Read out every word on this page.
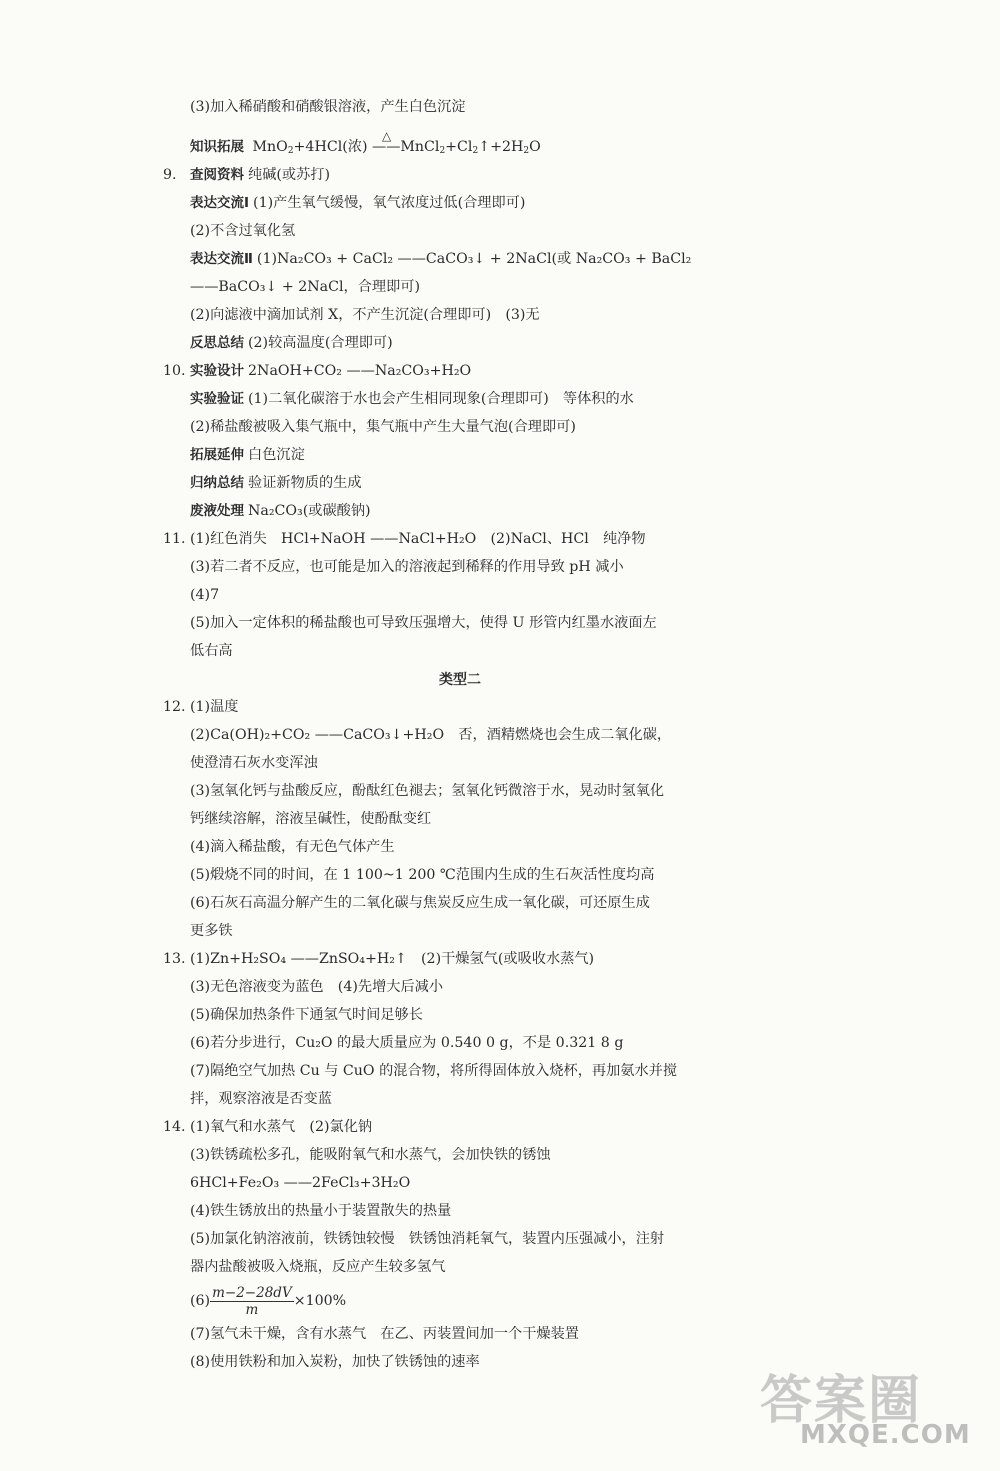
(3)加入稀硝酸和硝酸银溶液，产生白色沉淀
知识拓展 MnO$_2$+4HCl(浓)
△
$——MnCl_2+Cl_2↑+2H_2O$
9. 查阅资料 纯碱(或苏打)
表达交流Ⅰ (1)产生氧气缓慢，氧气浓度过低(合理即可)
(2)不含过氧化氢
表达交流Ⅱ (1)Na₂CO₃ + CaCl₂ ——CaCO₃↓ + 2NaCl(或 Na₂CO₃ + BaCl₂
——BaCO₃↓ + 2NaCl，合理即可)
(2)向滤液中滴加试剂 X，不产生沉淀(合理即可)　(3)无
反思总结 (2)较高温度(合理即可)
10. 实验设计 2NaOH+CO₂ ——Na₂CO₃+H₂O
实验验证 (1)二氧化碳溶于水也会产生相同现象(合理即可)　等体积的水
(2)稀盐酸被吸入集气瓶中，集气瓶中产生大量气泡(合理即可)
拓展延伸 白色沉淀
归纳总结 验证新物质的生成
废液处理 Na₂CO₃(或碳酸钠)
11. (1)红色消失　HCl+NaOH ——NaCl+H₂O　(2)NaCl、HCl　纯净物
(3)若二者不反应，也可能是加入的溶液起到稀释的作用导致 pH 减小
(4)7
(5)加入一定体积的稀盐酸也可导致压强增大，使得 U 形管内红墨水液面左
低右高
类型二
12. (1)温度
(2)Ca(OH)₂+CO₂ ——CaCO₃↓+H₂O　否，酒精燃烧也会生成二氧化碳，
使澄清石灰水变浑浊
(3)氢氧化钙与盐酸反应，酚酞红色褪去；氢氧化钙微溶于水，晃动时氢氧化
钙继续溶解，溶液呈碱性，使酚酞变红
(4)滴入稀盐酸，有无色气体产生
(5)煅烧不同的时间，在 1 100~1 200 ℃范围内生成的生石灰活性度均高
(6)石灰石高温分解产生的二氧化碳与焦炭反应生成一氧化碳，可还原生成
更多铁
13. (1)Zn+H₂SO₄ ——ZnSO₄+H₂↑　(2)干燥氢气(或吸收水蒸气)
(3)无色溶液变为蓝色　(4)先增大后减小
(5)确保加热条件下通氢气时间足够长
(6)若分步进行，Cu₂O 的最大质量应为 0.540 0 g，不是 0.321 8 g
(7)隔绝空气加热 Cu 与 CuO 的混合物，将所得固体放入烧杯，再加氨水并搅
拌，观察溶液是否变蓝
14. (1)氧气和水蒸气　(2)氯化钠
(3)铁锈疏松多孔，能吸附氧气和水蒸气，会加快铁的锈蚀
6HCl+Fe₂O₃ ——2FeCl₃+3H₂O
(4)铁生锈放出的热量小于装置散失的热量
(5)加氯化钠溶液前，铁锈蚀较慢　铁锈蚀消耗氧气，装置内压强减小，注射
器内盐酸被吸入烧瓶，反应产生较多氢气
$(6) \frac{m-2-28dV}{m} \times 100\%$
(7)氢气未干燥，含有水蒸气　在乙、丙装置间加一个干燥装置
(8)使用铁粉和加入炭粉，加快了铁锈蚀的速率
答案圈
MXQE.COM
